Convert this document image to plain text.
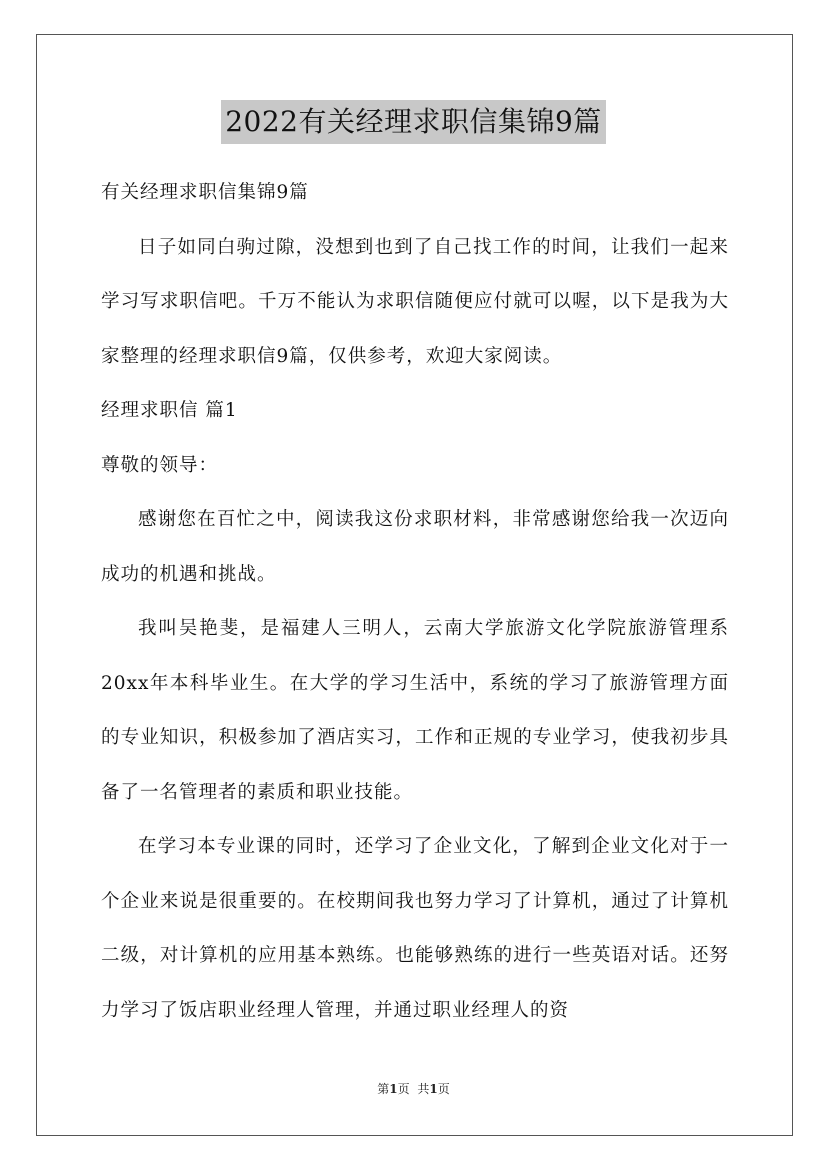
2022有关经理求职信集锦9篇

有关经理求职信集锦9篇

日子如同白驹过隙，没想到也到了自己找工作的时间，让我们一起来学习写求职信吧。千万不能认为求职信随便应付就可以喔，以下是我为大家整理的经理求职信9篇，仅供参考，欢迎大家阅读。

经理求职信 篇1

尊敬的领导：

感谢您在百忙之中，阅读我这份求职材料，非常感谢您给我一次迈向成功的机遇和挑战。

我叫吴艳斐，是福建人三明人，云南大学旅游文化学院旅游管理系20xx年本科毕业生。在大学的学习生活中，系统的学习了旅游管理方面的专业知识，积极参加了酒店实习，工作和正规的专业学习，使我初步具备了一名管理者的素质和职业技能。

在学习本专业课的同时，还学习了企业文化，了解到企业文化对于一个企业来说是很重要的。在校期间我也努力学习了计算机，通过了计算机二级，对计算机的应用基本熟练。也能够熟练的进行一些英语对话。还努力学习了饭店职业经理人管理，并通过职业经理人的资

第1页 共1页
